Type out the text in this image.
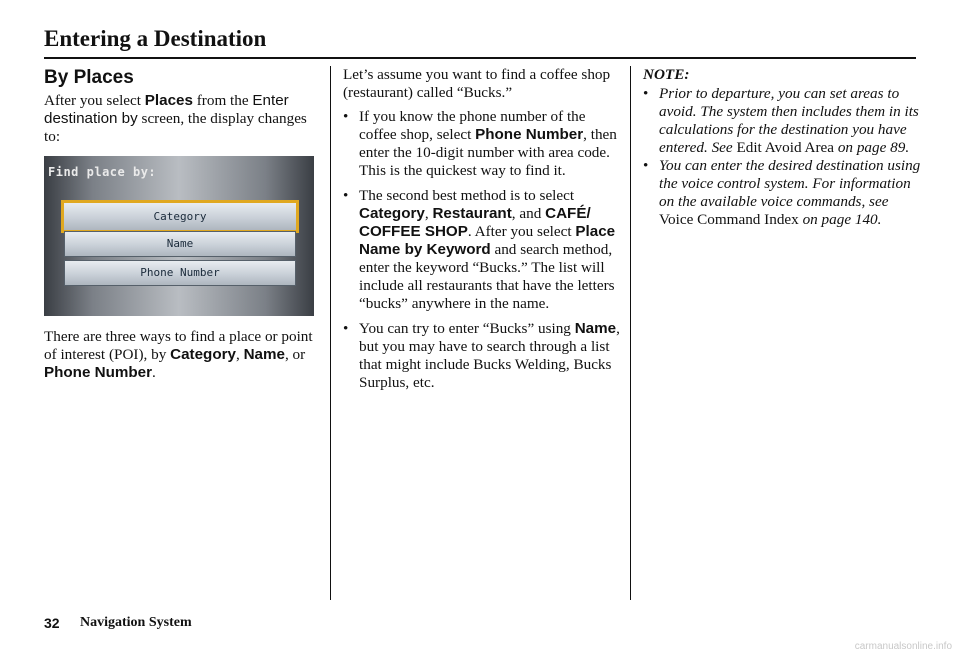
Entering a Destination
By Places

After you select Places from the Enter destination by screen, the display changes to:

Find place by:
Category
Name
Phone Number

There are three ways to find a place or point of interest (POI), by Category, Name, or Phone Number.

Let’s assume you want to find a coffee shop (restaurant) called “Bucks.”

• If you know the phone number of the coffee shop, select Phone Number, then enter the 10-digit number with area code. This is the quickest way to find it.
• The second best method is to select Category, Restaurant, and CAFÉ/ COFFEE SHOP. After you select Place Name by Keyword and search method, enter the keyword “Bucks.” The list will include all restaurants that have the letters “bucks” anywhere in the name.
• You can try to enter “Bucks” using Name, but you may have to search through a list that might include Bucks Welding, Bucks Surplus, etc.

NOTE:

• Prior to departure, you can set areas to avoid. The system then includes them in its calculations for the destination you have entered. See Edit Avoid Area on page 89.
• You can enter the desired destination using the voice control system. For information on the available voice commands, see Voice Command Index on page 140.
32 Navigation System
carmanualsonline.info
